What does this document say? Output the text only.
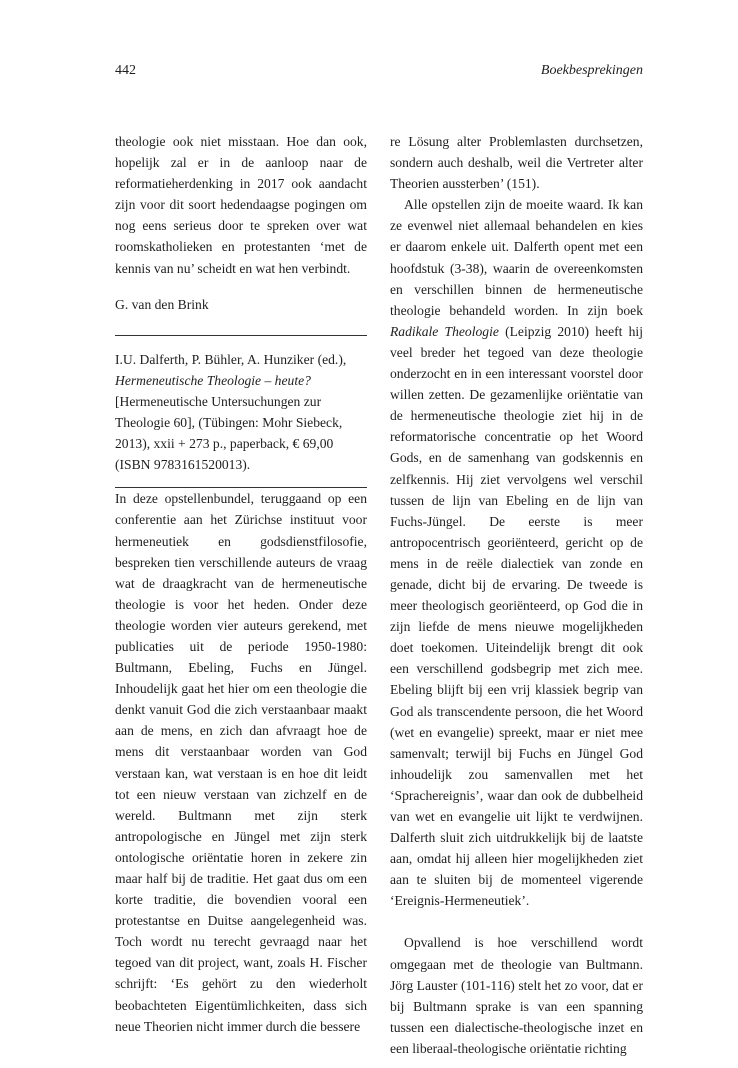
442	Boekbesprekingen

theologie ook niet misstaan. Hoe dan ook, hopelijk zal er in de aanloop naar de reformatieherdenking in 2017 ook aandacht zijn voor dit soort hedendaagse pogingen om nog eens serieus door te spreken over wat roomskatholieken en protestanten ‘met de kennis van nu’ scheidt en wat hen verbindt.

G. van den Brink

I.U. Dalferth, P. Bühler, A. Hunziker (ed.), Hermeneutische Theologie – heute? [Hermeneutische Untersuchungen zur Theologie 60], (Tübingen: Mohr Siebeck, 2013), xxii + 273 p., paperback, € 69,00 (ISBN 9783161520013).

In deze opstellenbundel, teruggaand op een conferentie aan het Zürichse instituut voor hermeneutiek en godsdienstfilosofie, bespreken tien verschillende auteurs de vraag wat de draagkracht van de hermeneutische theologie is voor het heden. Onder deze theologie worden vier auteurs gerekend, met publicaties uit de periode 1950-1980: Bultmann, Ebeling, Fuchs en Jüngel. Inhoudelijk gaat het hier om een theologie die denkt vanuit God die zich verstaanbaar maakt aan de mens, en zich dan afvraagt hoe de mens dit verstaanbaar worden van God verstaan kan, wat verstaan is en hoe dit leidt tot een nieuw verstaan van zichzelf en de wereld. Bultmann met zijn sterk antropologische en Jüngel met zijn sterk ontologische oriëntatie horen in zekere zin maar half bij de traditie. Het gaat dus om een korte traditie, die bovendien vooral een protestantse en Duitse aangelegenheid was. Toch wordt nu terecht gevraagd naar het tegoed van dit project, want, zoals H. Fischer schrijft: ‘Es gehört zu den wiederholt beobachteten Eigentümlichkeiten, dass sich neue Theorien nicht immer durch die bessere

re Lösung alter Problemlasten durchsetzen, sondern auch deshalb, weil die Vertreter alter Theorien aussterben’ (151).

Alle opstellen zijn de moeite waard. Ik kan ze evenwel niet allemaal behandelen en kies er daarom enkele uit. Dalferth opent met een hoofdstuk (3-38), waarin de overeenkomsten en verschillen binnen de hermeneutische theologie behandeld worden. In zijn boek Radikale Theologie (Leipzig 2010) heeft hij veel breder het tegoed van deze theologie onderzocht en in een interessant voorstel door willen zetten. De gezamenlijke oriëntatie van de hermeneutische theologie ziet hij in de reformatorische concentratie op het Woord Gods, en de samenhang van godskennis en zelfkennis. Hij ziet vervolgens wel verschil tussen de lijn van Ebeling en de lijn van Fuchs-Jüngel. De eerste is meer antropocentrisch georiënteerd, gericht op de mens in de reële dialectiek van zonde en genade, dicht bij de ervaring. De tweede is meer theologisch georiënteerd, op God die in zijn liefde de mens nieuwe mogelijkheden doet toekomen. Uiteindelijk brengt dit ook een verschillend godsbegrip met zich mee. Ebeling blijft bij een vrij klassiek begrip van God als transcendente persoon, die het Woord (wet en evangelie) spreekt, maar er niet mee samenvalt; terwijl bij Fuchs en Jüngel God inhoudelijk zou samenvallen met het ‘Sprachereignis’, waar dan ook de dubbelheid van wet en evangelie uit lijkt te verdwijnen. Dalferth sluit zich uitdrukkelijk bij de laatste aan, omdat hij alleen hier mogelijkheden ziet aan te sluiten bij de momenteel vigerende ‘Ereignis-Hermeneutiek’.

Opvallend is hoe verschillend wordt omgegaan met de theologie van Bultmann. Jörg Lauster (101-116) stelt het zo voor, dat er bij Bultmann sprake is van een spanning tussen een dialectische-theologische inzet en een liberaal-theologische oriëntatie richting
